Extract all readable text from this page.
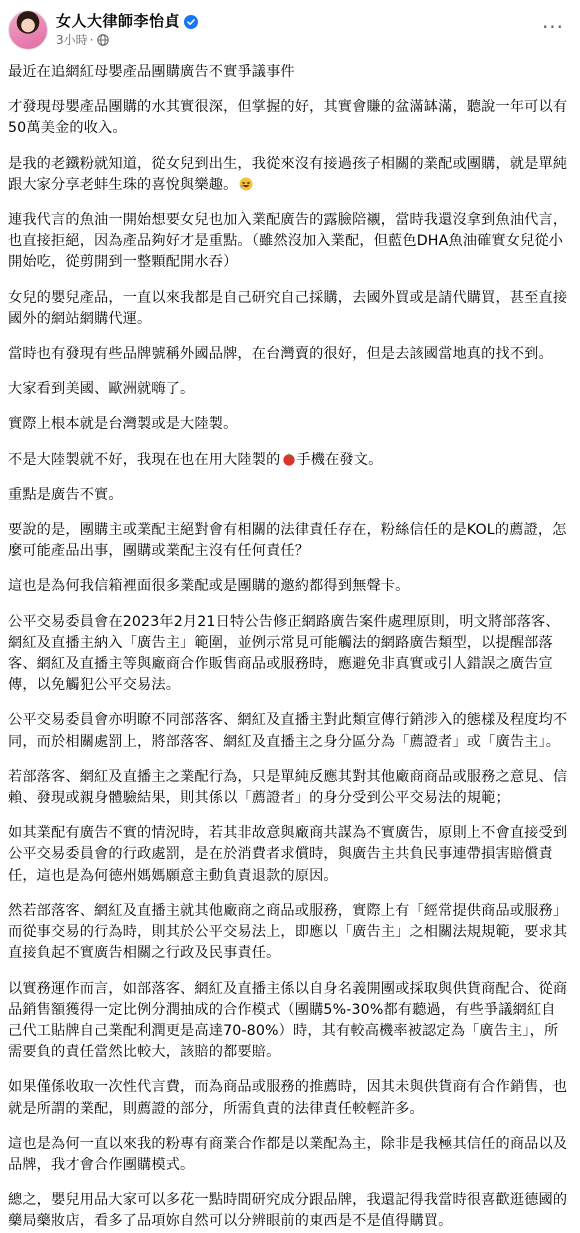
女人大律師李怡貞
3小時 ·
···

最近在追網紅母嬰產品團購廣告不實爭議事件

才發現母嬰產品團購的水其實很深，但掌握的好，其實會賺的盆滿缽滿，聽說一年可以有50萬美金的收入。

是我的老鐵粉就知道，從女兒到出生，我從來沒有接過孩子相關的業配或團購，就是單純跟大家分享老蚌生珠的喜悅與樂趣。

連我代言的魚油一開始想要女兒也加入業配廣告的露臉陪襯，當時我還沒拿到魚油代言，也直接拒絕，因為產品夠好才是重點。（雖然沒加入業配，但藍色DHA魚油確實女兒從小開始吃，從剪開到一整顆配開水吞）

女兒的嬰兒產品，一直以來我都是自己研究自己採購，去國外買或是請代購買，甚至直接國外的網站網購代運。

當時也有發現有些品牌號稱外國品牌，在台灣賣的很好，但是去該國當地真的找不到。

大家看到美國、歐洲就嗨了。

實際上根本就是台灣製或是大陸製。

不是大陸製就不好，我現在也在用大陸製的 手機在發文。

重點是廣告不實。

要說的是，團購主或業配主絕對會有相關的法律責任存在，粉絲信任的是KOL的薦證，怎麼可能產品出事，團購或業配主沒有任何責任？

這也是為何我信箱裡面很多業配或是團購的邀約都得到無聲卡。

公平交易委員會在2023年2月21日特公告修正網路廣告案件處理原則，明文將部落客、網紅及直播主納入「廣告主」範圍，並例示常見可能觸法的網路廣告類型，以提醒部落客、網紅及直播主等與廠商合作販售商品或服務時，應避免非真實或引人錯誤之廣告宣傳，以免觸犯公平交易法。

公平交易委員會亦明瞭不同部落客、網紅及直播主對此類宣傳行銷涉入的態樣及程度均不同，而於相關處罰上，將部落客、網紅及直播主之身分區分為「薦證者」或「廣告主」。

若部落客、網紅及直播主之業配行為，只是單純反應其對其他廠商商品或服務之意見、信賴、發現或親身體驗結果，則其係以「薦證者」的身分受到公平交易法的規範；

如其業配有廣告不實的情況時，若其非故意與廠商共謀為不實廣告，原則上不會直接受到公平交易委員會的行政處罰，是在於消費者求償時，與廣告主共負民事連帶損害賠償責任，這也是為何德州媽媽願意主動負責退款的原因。

然若部落客、網紅及直播主就其他廠商之商品或服務，實際上有「經常提供商品或服務」而從事交易的行為時，則其於公平交易法上，即應以「廣告主」之相關法規規範，要求其直接負起不實廣告相關之行政及民事責任。

以實務運作而言，如部落客、網紅及直播主係以自身名義開團或採取與供貨商配合、從商品銷售額獲得一定比例分潤抽成的合作模式（團購5%-30%都有聽過，有些爭議網紅自己代工貼牌自己業配利潤更是高達70-80%）時，其有較高機率被認定為「廣告主」，所需要負的責任當然比較大，該賠的都要賠。

如果僅係收取一次性代言費，而為商品或服務的推薦時，因其未與供貨商有合作銷售，也就是所謂的業配，則薦證的部分，所需負責的法律責任較輕許多。

這也是為何一直以來我的粉專有商業合作都是以業配為主，除非是我極其信任的商品以及品牌，我才會合作團購模式。

總之，嬰兒用品大家可以多花一點時間研究成分跟品牌，我還記得我當時很喜歡逛德國的藥局藥妝店，看多了品項妳自然可以分辨眼前的東西是不是值得購買。
